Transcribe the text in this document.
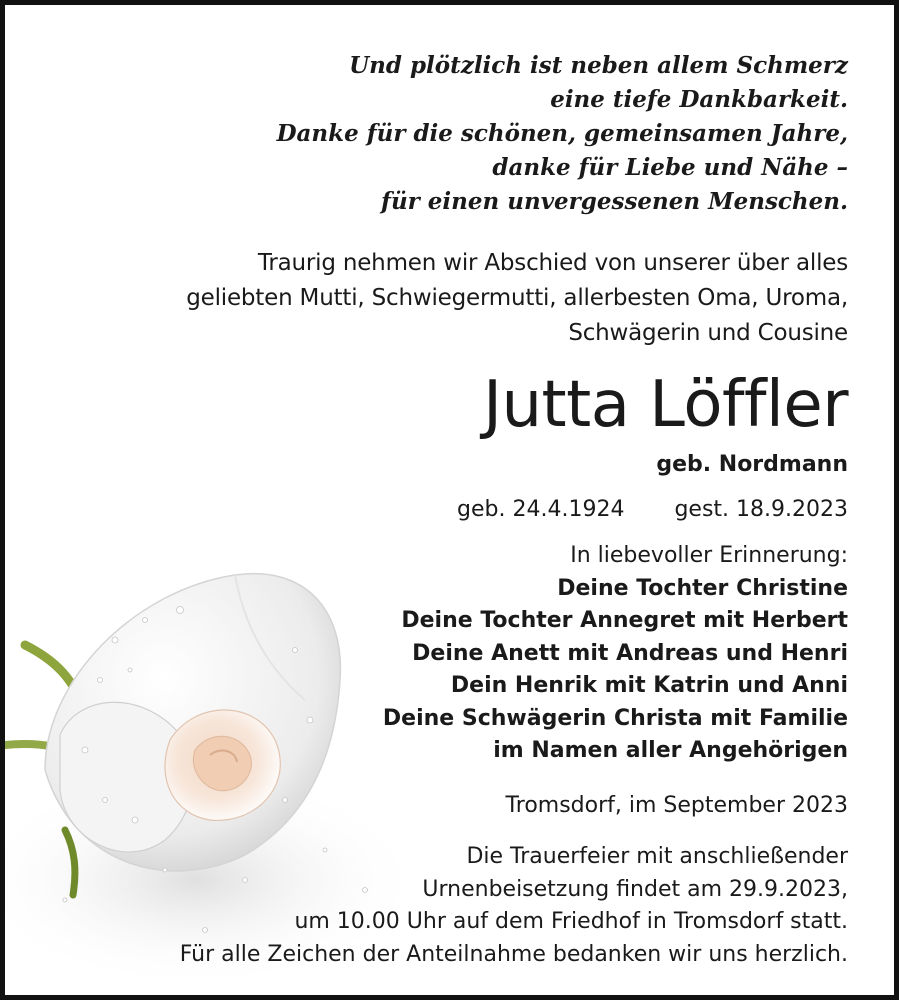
Und plötzlich ist neben allem Schmerz
eine tiefe Dankbarkeit.
Danke für die schönen, gemeinsamen Jahre,
danke für Liebe und Nähe –
für einen unvergessenen Menschen.
Traurig nehmen wir Abschied von unserer über alles
geliebten Mutti, Schwiegermutti, allerbesten Oma, Uroma,
Schwägerin und Cousine
Jutta Löffler
geb. Nordmann
geb. 24.4.1924 gest. 18.9.2023
In liebevoller Erinnerung:
Deine Tochter Christine
Deine Tochter Annegret mit Herbert
Deine Anett mit Andreas und Henri
Dein Henrik mit Katrin und Anni
Deine Schwägerin Christa mit Familie
im Namen aller Angehörigen
Tromsdorf, im September 2023
Die Trauerfeier mit anschließender
Urnenbeisetzung findet am 29.9.2023,
um 10.00 Uhr auf dem Friedhof in Tromsdorf statt.
Für alle Zeichen der Anteilnahme bedanken wir uns herzlich.
